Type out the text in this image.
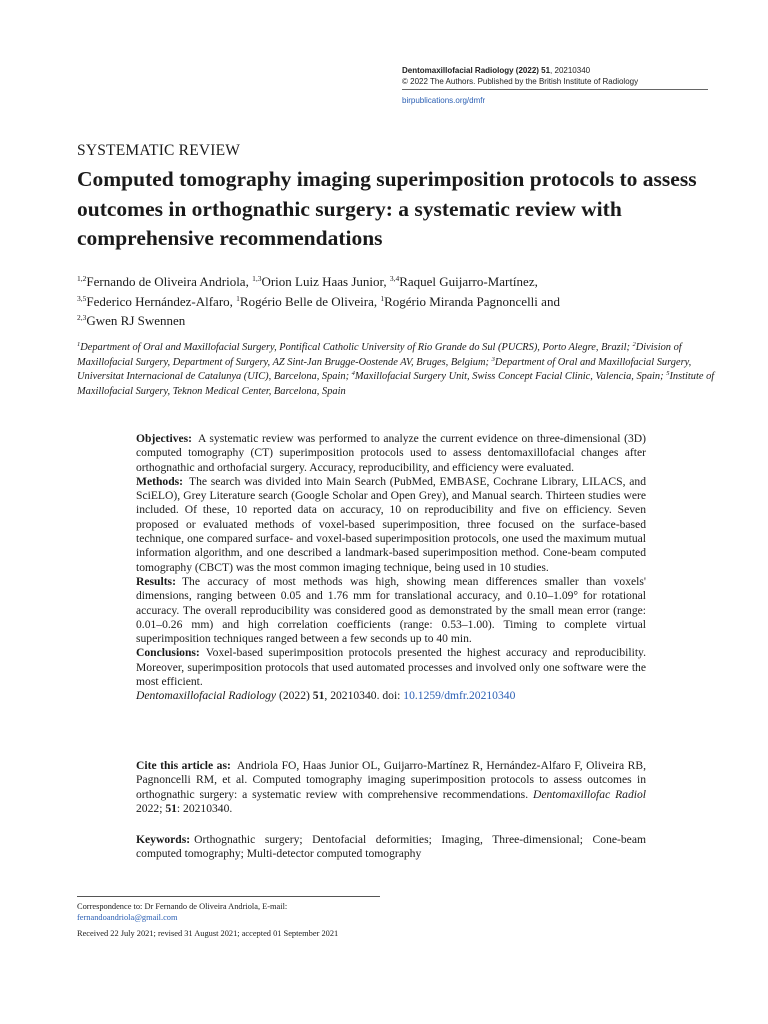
Dentomaxillofacial Radiology (2022) 51, 20210340
© 2022 The Authors. Published by the British Institute of Radiology
birpublications.org/dmfr
SYSTEMATIC REVIEW
Computed tomography imaging superimposition protocols to assess outcomes in orthognathic surgery: a systematic review with comprehensive recommendations
$^{1,2}$Fernando de Oliveira Andriola, $^{1,3}$Orion Luiz Haas Junior, $^{3,4}$Raquel Guijarro-Martínez,
$^{3,5}$Federico Hernández-Alfaro, $^1$Rogério Belle de Oliveira, $^1$Rogério Miranda Pagnoncelli and
$^{2,3}$Gwen RJ Swennen
$^1$Department of Oral and Maxillofacial Surgery, Pontifical Catholic University of Rio Grande do Sul (PUCRS), Porto Alegre, Brazil; $^2$Division of Maxillofacial Surgery, Department of Surgery, AZ Sint-Jan Brugge-Oostende AV, Bruges, Belgium; $^3$Department of Oral and Maxillofacial Surgery, Universitat Internacional de Catalunya (UIC), Barcelona, Spain; $^4$Maxillofacial Surgery Unit, Swiss Concept Facial Clinic, Valencia, Spain; $^5$Institute of Maxillofacial Surgery, Teknon Medical Center, Barcelona, Spain

Objectives: A systematic review was performed to analyze the current evidence on three-dimensional (3D) computed tomography (CT) superimposition protocols used to assess dentomaxillofacial changes after orthognathic and orthofacial surgery. Accuracy, reproducibility, and efficiency were evaluated.

Methods: The search was divided into Main Search (PubMed, EMBASE, Cochrane Library, LILACS, and SciELO), Grey Literature search (Google Scholar and Open Grey), and Manual search. Thirteen studies were included. Of these, 10 reported data on accuracy, 10 on reproducibility and five on efficiency. Seven proposed or evaluated methods of voxel-based superimposition, three focused on the surface-based technique, one compared surface- and voxel-based superimposition protocols, one used the maximum mutual information algorithm, and one described a landmark-based superimposition method. Cone-beam computed tomography (CBCT) was the most common imaging technique, being used in 10 studies.

Results: The accuracy of most methods was high, showing mean differences smaller than voxels' dimensions, ranging between 0.05 and 1.76 mm for translational accuracy, and 0.10–1.09° for rotational accuracy. The overall reproducibility was considered good as demonstrated by the small mean error (range: 0.01–0.26 mm) and high correlation coefficients (range: 0.53–1.00). Timing to complete virtual superimposition techniques ranged between a few seconds up to 40 min.

Conclusions: Voxel-based superimposition protocols presented the highest accuracy and reproducibility. Moreover, superimposition protocols that used automated processes and involved only one software were the most efficient.

Dentomaxillofacial Radiology (2022) 51, 20210340. doi: 10.1259/dmfr.20210340

Cite this article as: Andriola FO, Haas Junior OL, Guijarro-Martínez R, Hernández-Alfaro F, Oliveira RB, Pagnoncelli RM, et al. Computed tomography imaging superimposition protocols to assess outcomes in orthognathic surgery: a systematic review with comprehensive recommendations. Dentomaxillofac Radiol 2022; 51: 20210340.
Keywords: Orthognathic surgery; Dentofacial deformities; Imaging, Three-dimensional; Cone-beam computed tomography; Multi-detector computed tomography
Correspondence to: Dr Fernando de Oliveira Andriola, E-mail: fernandoandriola@gmail.com
Received 22 July 2021; revised 31 August 2021; accepted 01 September 2021
